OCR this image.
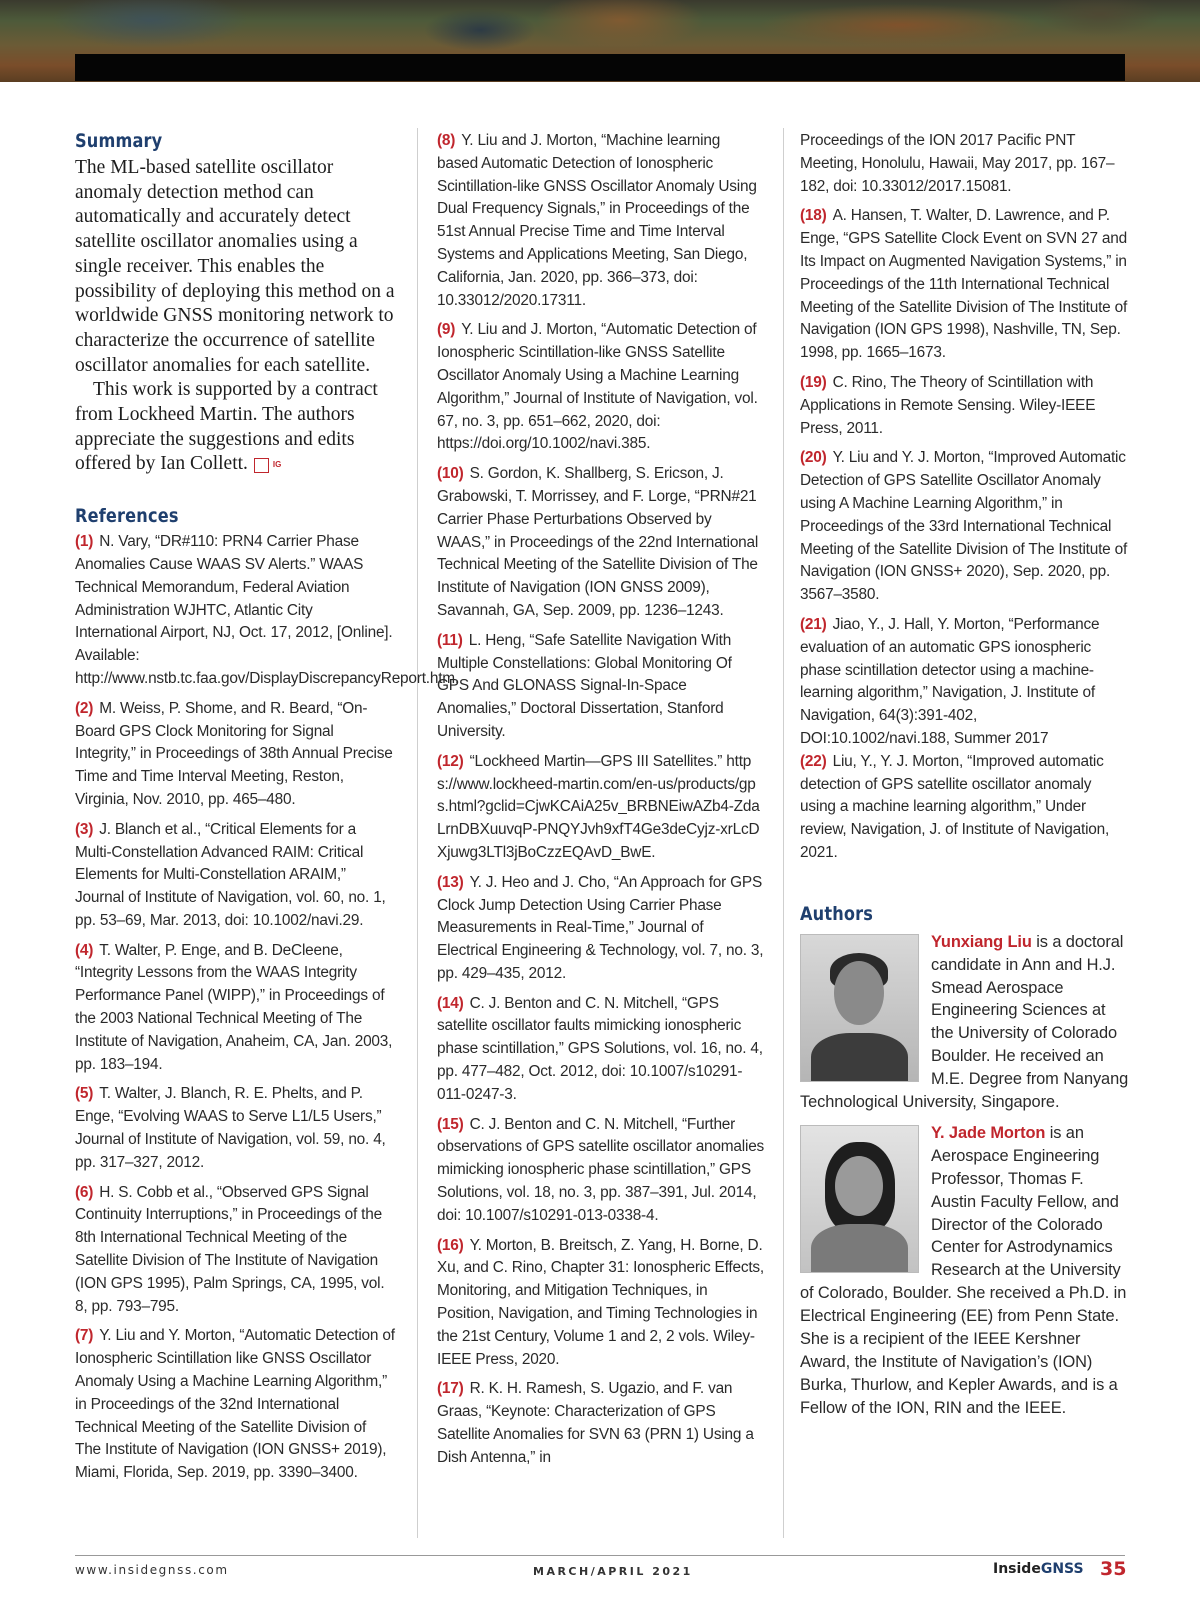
Summary

The ML-based satellite oscillator anomaly detection method can automatically and accurately detect satellite oscillator anomalies using a single receiver. This enables the possibility of deploying this method on a worldwide GNSS monitoring network to characterize the occurrence of satellite oscillator anomalies for each satellite.

This work is supported by a contract from Lockheed Martin. The authors appreciate the suggestions and edits offered by Ian Collett.	IG

References

(1) N. Vary, “DR#110: PRN4 Carrier Phase Anomalies Cause WAAS SV Alerts.” WAAS Technical Memorandum, Federal Aviation Administration WJHTC, Atlantic City International Airport, NJ, Oct. 17, 2012, [Online]. Available: http://www.nstb.tc.faa.gov/DisplayDiscrepancyReport.htm.

(2) M. Weiss, P. Shome, and R. Beard, “On-Board GPS Clock Monitoring for Signal Integrity,” in Proceedings of 38th Annual Precise Time and Time Interval Meeting, Reston, Virginia, Nov. 2010, pp. 465–480.

(3) J. Blanch et al., “Critical Elements for a Multi-Constellation Advanced RAIM: Critical Elements for Multi-Constellation ARAIM,” Journal of Institute of Navigation, vol. 60, no. 1, pp. 53–69, Mar. 2013, doi: 10.1002/navi.29.

(4) T. Walter, P. Enge, and B. DeCleene, “Integrity Lessons from the WAAS Integrity Performance Panel (WIPP),” in Proceedings of the 2003 National Technical Meeting of The Institute of Navigation, Anaheim, CA, Jan. 2003, pp. 183–194.

(5) T. Walter, J. Blanch, R. E. Phelts, and P. Enge, “Evolving WAAS to Serve L1/L5 Users,” Journal of Institute of Navigation, vol. 59, no. 4, pp. 317–327, 2012.

(6) H. S. Cobb et al., “Observed GPS Signal Continuity Interruptions,” in Proceedings of the 8th International Technical Meeting of the Satellite Division of The Institute of Navigation (ION GPS 1995), Palm Springs, CA, 1995, vol. 8, pp. 793–795.

(7) Y. Liu and Y. Morton, “Automatic Detection of Ionospheric Scintillation like GNSS Oscillator Anomaly Using a Machine Learning Algorithm,” in Proceedings of the 32nd International Technical Meeting of the Satellite Division of The Institute of Navigation (ION GNSS+ 2019), Miami, Florida, Sep. 2019, pp. 3390–3400.

(8) Y. Liu and J. Morton, “Machine learning based Automatic Detection of Ionospheric Scintillation-like GNSS Oscillator Anomaly Using Dual Frequency Signals,” in Proceedings of the 51st Annual Precise Time and Time Interval Systems and Applications Meeting, San Diego, California, Jan. 2020, pp. 366–373, doi: 10.33012/2020.17311.

(9) Y. Liu and J. Morton, “Automatic Detection of Ionospheric Scintillation-like GNSS Satellite Oscillator Anomaly Using a Machine Learning Algorithm,” Journal of Institute of Navigation, vol. 67, no. 3, pp. 651–662, 2020, doi: https://doi.org/10.1002/navi.385.

(10) S. Gordon, K. Shallberg, S. Ericson, J. Grabowski, T. Morrissey, and F. Lorge, “PRN#21 Carrier Phase Perturbations Observed by WAAS,” in Proceedings of the 22nd International Technical Meeting of the Satellite Division of The Institute of Navigation (ION GNSS 2009), Savannah, GA, Sep. 2009, pp. 1236–1243.

(11) L. Heng, “Safe Satellite Navigation With Multiple Constellations: Global Monitoring Of GPS And GLONASS Signal-In-Space Anomalies,” Doctoral Dissertation, Stanford University.

(12) “Lockheed Martin—GPS III Satellites.” https://www.lockheed-martin.com/en-us/products/gps.html?gclid=CjwKCAiA25v_BRBNEiwAZb4-ZdaLrnDBXuuvqP-PNQYJvh9xfT4Ge3deCyjz-xrLcDXjuwg3LTl3jBoCzzEQAvD_BwE.

(13) Y. J. Heo and J. Cho, “An Approach for GPS Clock Jump Detection Using Carrier Phase Measurements in Real-Time,” Journal of Electrical Engineering & Technology, vol. 7, no. 3, pp. 429–435, 2012.

(14) C. J. Benton and C. N. Mitchell, “GPS satellite oscillator faults mimicking ionospheric phase scintillation,” GPS Solutions, vol. 16, no. 4, pp. 477–482, Oct. 2012, doi: 10.1007/s10291-011-0247-3.

(15) C. J. Benton and C. N. Mitchell, “Further observations of GPS satellite oscillator anomalies mimicking ionospheric phase scintillation,” GPS Solutions, vol. 18, no. 3, pp. 387–391, Jul. 2014, doi: 10.1007/s10291-013-0338-4.

(16) Y. Morton, B. Breitsch, Z. Yang, H. Borne, D. Xu, and C. Rino, Chapter 31: Ionospheric Effects, Monitoring, and Mitigation Techniques, in Position, Navigation, and Timing Technologies in the 21st Century, Volume 1 and 2, 2 vols. Wiley-IEEE Press, 2020.

(17) R. K. H. Ramesh, S. Ugazio, and F. van Graas, “Keynote: Characterization of GPS Satellite Anomalies for SVN 63 (PRN 1) Using a Dish Antenna,” in

Proceedings of the ION 2017 Pacific PNT Meeting, Honolulu, Hawaii, May 2017, pp. 167–182, doi: 10.33012/2017.15081.

(18) A. Hansen, T. Walter, D. Lawrence, and P. Enge, “GPS Satellite Clock Event on SVN 27 and Its Impact on Augmented Navigation Systems,” in Proceedings of the 11th International Technical Meeting of the Satellite Division of The Institute of Navigation (ION GPS 1998), Nashville, TN, Sep. 1998, pp. 1665–1673.

(19) C. Rino, The Theory of Scintillation with Applications in Remote Sensing. Wiley-IEEE Press, 2011.

(20) Y. Liu and Y. J. Morton, “Improved Automatic Detection of GPS Satellite Oscillator Anomaly using A Machine Learning Algorithm,” in Proceedings of the 33rd International Technical Meeting of the Satellite Division of The Institute of Navigation (ION GNSS+ 2020), Sep. 2020, pp. 3567–3580.

(21) Jiao, Y., J. Hall, Y. Morton, “Performance evaluation of an automatic GPS ionospheric phase scintillation detector using a machine-learning algorithm,” Navigation, J. Institute of Navigation, 64(3):391-402, DOI:10.1002/navi.188, Summer 2017

(22) Liu, Y., Y. J. Morton, “Improved automatic detection of GPS satellite oscillator anomaly using a machine learning algorithm,” Under review, Navigation, J. of Institute of Navigation, 2021.

Authors

Yunxiang Liu is a doctoral candidate in Ann and H.J. Smead Aerospace Engineering Sciences at the University of Colorado Boulder. He received an M.E. Degree from Nanyang Technological University, Singapore.

Y. Jade Morton is an Aerospace Engineering Professor, Thomas F. Austin Faculty Fellow, and Director of the Colorado Center for Astrodynamics Research at the University of Colorado, Boulder. She received a Ph.D. in Electrical Engineering (EE) from Penn State. She is a recipient of the IEEE Kershner Award, the Institute of Navigation’s (ION) Burka, Thurlow, and Kepler Awards, and is a Fellow of the ION, RIN and the IEEE.

www.insidegnss.com	MARCH/APRIL 2021	InsideGNSS 35
